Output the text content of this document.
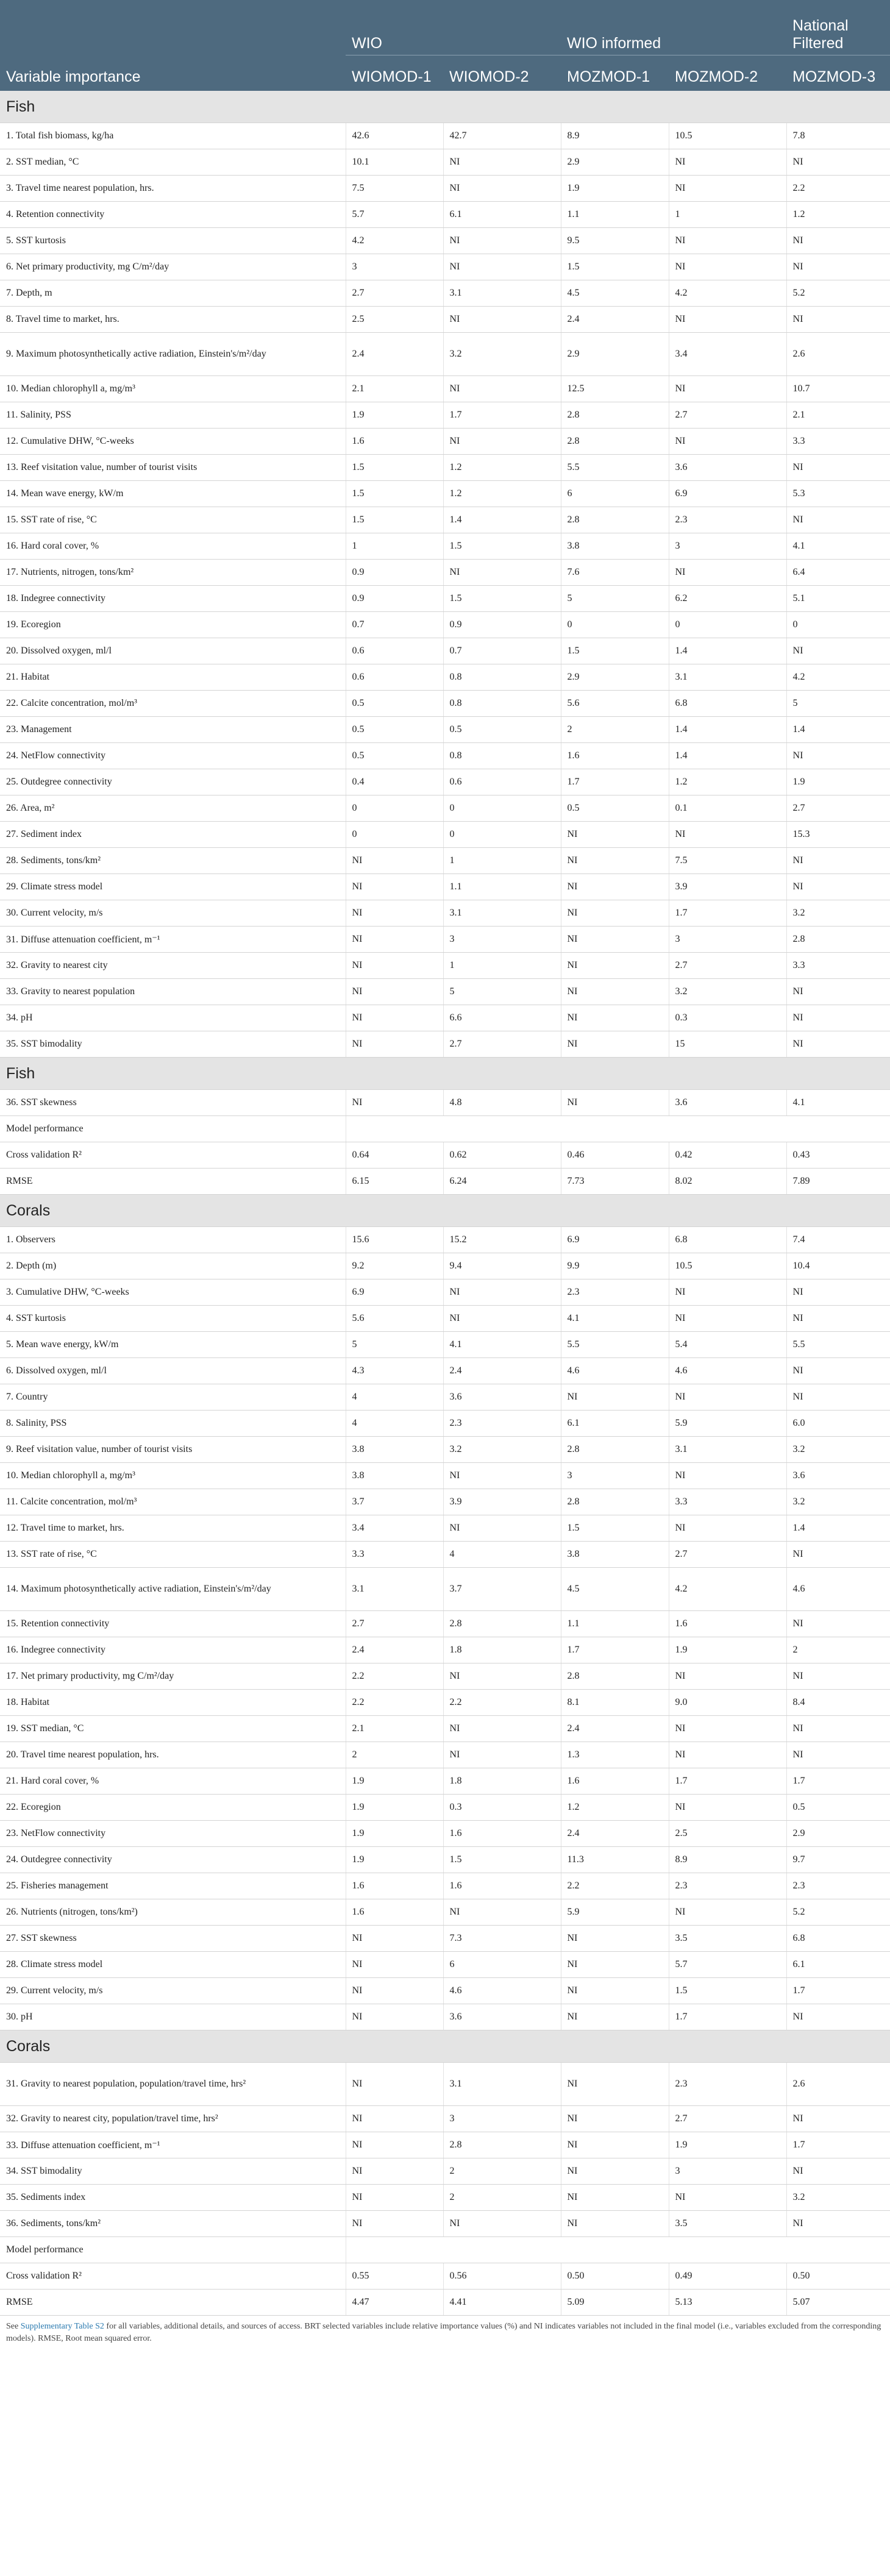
	WIO		WIO informed		National Filtered
Variable importance	WIOMOD-1	WIOMOD-2	MOZMOD-1	MOZMOD-2	MOZMOD-3
Fish					
1. Total fish biomass, kg/ha	42.6	42.7	8.9	10.5	7.8
2. SST median, °C	10.1	NI	2.9	NI	NI
3. Travel time nearest population, hrs.	7.5	NI	1.9	NI	2.2
4. Retention connectivity	5.7	6.1	1.1	1	1.2
5. SST kurtosis	4.2	NI	9.5	NI	NI
6. Net primary productivity, mg C/m²/day	3	NI	1.5	NI	NI
7. Depth, m	2.7	3.1	4.5	4.2	5.2
8. Travel time to market, hrs.	2.5	NI	2.4	NI	NI
9. Maximum photosynthetically active radiation, Einstein's/m²/day	2.4	3.2	2.9	3.4	2.6
10. Median chlorophyll a, mg/m³	2.1	NI	12.5	NI	10.7
11. Salinity, PSS	1.9	1.7	2.8	2.7	2.1
12. Cumulative DHW, °C-weeks	1.6	NI	2.8	NI	3.3
13. Reef visitation value, number of tourist visits	1.5	1.2	5.5	3.6	NI
14. Mean wave energy, kW/m	1.5	1.2	6	6.9	5.3
15. SST rate of rise, °C	1.5	1.4	2.8	2.3	NI
16. Hard coral cover, %	1	1.5	3.8	3	4.1
17. Nutrients, nitrogen, tons/km²	0.9	NI	7.6	NI	6.4
18. Indegree connectivity	0.9	1.5	5	6.2	5.1
19. Ecoregion	0.7	0.9	0	0	0
20. Dissolved oxygen, ml/l	0.6	0.7	1.5	1.4	NI
21. Habitat	0.6	0.8	2.9	3.1	4.2
22. Calcite concentration, mol/m³	0.5	0.8	5.6	6.8	5
23. Management	0.5	0.5	2	1.4	1.4
24. NetFlow connectivity	0.5	0.8	1.6	1.4	NI
25. Outdegree connectivity	0.4	0.6	1.7	1.2	1.9
26. Area, m²	0	0	0.5	0.1	2.7
27. Sediment index	0	0	NI	NI	15.3
28. Sediments, tons/km²	NI	1	NI	7.5	NI
29. Climate stress model	NI	1.1	NI	3.9	NI
30. Current velocity, m/s	NI	3.1	NI	1.7	3.2
31. Diffuse attenuation coefficient, m⁻¹	NI	3	NI	3	2.8
32. Gravity to nearest city	NI	1	NI	2.7	3.3
33. Gravity to nearest population	NI	5	NI	3.2	NI
34. pH	NI	6.6	NI	0.3	NI
35. SST bimodality	NI	2.7	NI	15	NI
Fish					
36. SST skewness	NI	4.8	NI	3.6	4.1
Model performance					
Cross validation R²	0.64	0.62	0.46	0.42	0.43
RMSE	6.15	6.24	7.73	8.02	7.89
Corals					
1. Observers	15.6	15.2	6.9	6.8	7.4
2. Depth (m)	9.2	9.4	9.9	10.5	10.4
3. Cumulative DHW, °C-weeks	6.9	NI	2.3	NI	NI
4. SST kurtosis	5.6	NI	4.1	NI	NI
5. Mean wave energy, kW/m	5	4.1	5.5	5.4	5.5
6. Dissolved oxygen, ml/l	4.3	2.4	4.6	4.6	NI
7. Country	4	3.6	NI	NI	NI
8. Salinity, PSS	4	2.3	6.1	5.9	6.0
9. Reef visitation value, number of tourist visits	3.8	3.2	2.8	3.1	3.2
10. Median chlorophyll a, mg/m³	3.8	NI	3	NI	3.6
11. Calcite concentration, mol/m³	3.7	3.9	2.8	3.3	3.2
12. Travel time to market, hrs.	3.4	NI	1.5	NI	1.4
13. SST rate of rise, °C	3.3	4	3.8	2.7	NI
14. Maximum photosynthetically active radiation, Einstein's/m²/day	3.1	3.7	4.5	4.2	4.6
15. Retention connectivity	2.7	2.8	1.1	1.6	NI
16. Indegree connectivity	2.4	1.8	1.7	1.9	2
17. Net primary productivity, mg C/m²/day	2.2	NI	2.8	NI	NI
18. Habitat	2.2	2.2	8.1	9.0	8.4
19. SST median, °C	2.1	NI	2.4	NI	NI
20. Travel time nearest population, hrs.	2	NI	1.3	NI	NI
21. Hard coral cover, %	1.9	1.8	1.6	1.7	1.7
22. Ecoregion	1.9	0.3	1.2	NI	0.5
23. NetFlow connectivity	1.9	1.6	2.4	2.5	2.9
24. Outdegree connectivity	1.9	1.5	11.3	8.9	9.7
25. Fisheries management	1.6	1.6	2.2	2.3	2.3
26. Nutrients (nitrogen, tons/km²)	1.6	NI	5.9	NI	5.2
27. SST skewness	NI	7.3	NI	3.5	6.8
28. Climate stress model	NI	6	NI	5.7	6.1
29. Current velocity, m/s	NI	4.6	NI	1.5	1.7
30. pH	NI	3.6	NI	1.7	NI
Corals					
31. Gravity to nearest population, population/travel time, hrs²	NI	3.1	NI	2.3	2.6
32. Gravity to nearest city, population/travel time, hrs²	NI	3	NI	2.7	NI
33. Diffuse attenuation coefficient, m⁻¹	NI	2.8	NI	1.9	1.7
34. SST bimodality	NI	2	NI	3	NI
35. Sediments index	NI	2	NI	NI	3.2
36. Sediments, tons/km²	NI	NI	NI	3.5	NI
Model performance					
Cross validation R²	0.55	0.56	0.50	0.49	0.50
RMSE	4.47	4.41	5.09	5.13	5.07
See Supplementary Table S2 for all variables, additional details, and sources of access. BRT selected variables include relative importance values (%) and NI indicates variables not included in the final model (i.e., variables excluded from the corresponding models). RMSE, Root mean squared error.
